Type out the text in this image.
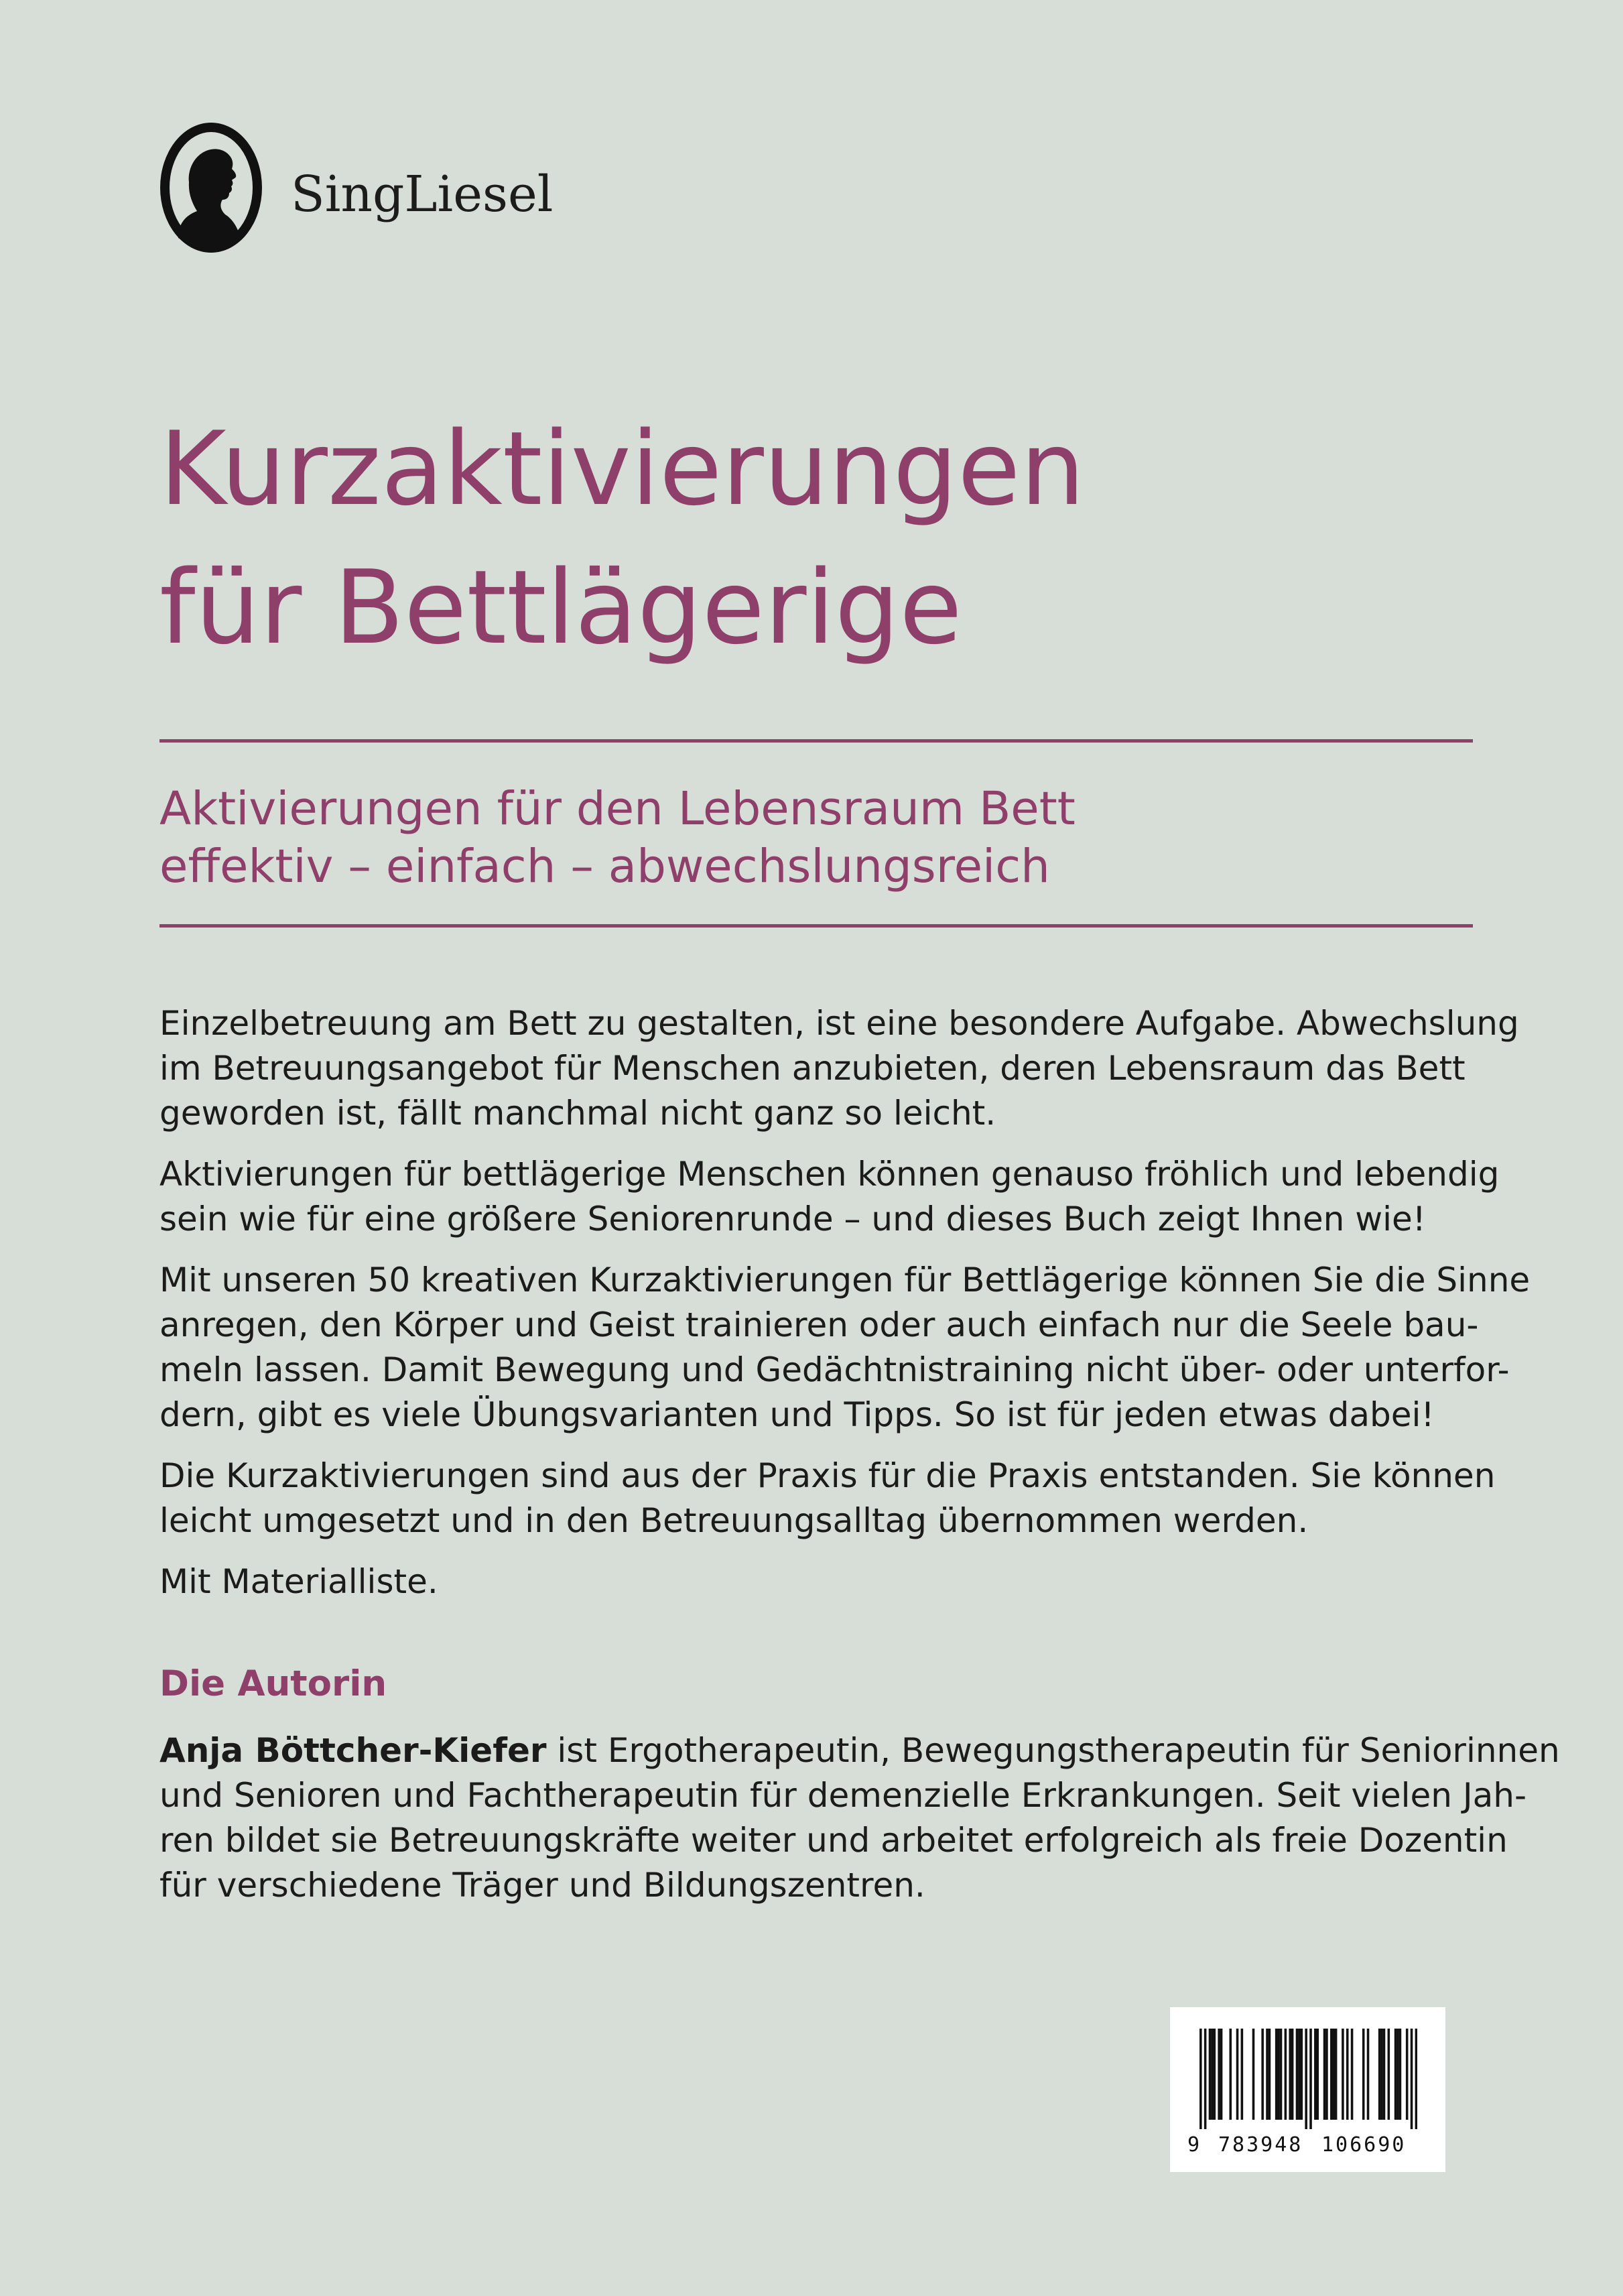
SingLiesel
Kurzaktivierungen
für Bettlägerige
Aktivierungen für den Lebensraum Bett
effektiv – einfach – abwechslungsreich

Einzelbetreuung am Bett zu gestalten, ist eine besondere Aufgabe. Abwechslung
im Betreuungsangebot für Menschen anzubieten, deren Lebensraum das Bett
geworden ist, fällt manchmal nicht ganz so leicht.

Aktivierungen für bettlägerige Menschen können genauso fröhlich und lebendig
sein wie für eine größere Seniorenrunde – und dieses Buch zeigt Ihnen wie!

Mit unseren 50 kreativen Kurzaktivierungen für Bettlägerige können Sie die Sinne
anregen, den Körper und Geist trainieren oder auch einfach nur die Seele bau-
meln lassen. Damit Bewegung und Gedächtnistraining nicht über- oder unterfor-
dern, gibt es viele Übungsvarianten und Tipps. So ist für jeden etwas dabei!

Die Kurzaktivierungen sind aus der Praxis für die Praxis entstanden. Sie können
leicht umgesetzt und in den Betreuungsalltag übernommen werden.

Mit Materialliste.

Die Autorin
Anja Böttcher-Kiefer ist Ergotherapeutin, Bewegungstherapeutin für Seniorinnen
und Senioren und Fachtherapeutin für demenzielle Erkrankungen. Seit vielen Jah-
ren bildet sie Betreuungskräfte weiter und arbeitet erfolgreich als freie Dozentin
für verschiedene Träger und Bildungszentren.
9 783948 106690
